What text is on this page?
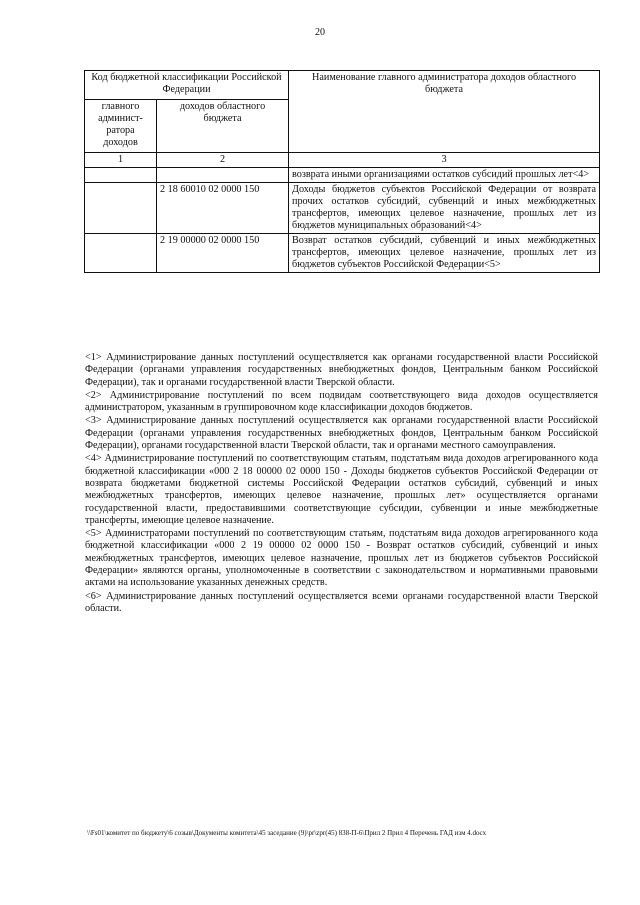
20
Код бюджетной классификации Российской Федерации		Наименование главного администратора доходов областного бюджета
главного админист-ратора доходов	доходов областного бюджета	
1	2	3
		возврата иными организациями остатков субсидий прошлых лет<4>
	2 18 60010 02 0000 150	Доходы бюджетов субъектов Российской Федерации от возврата прочих остатков субсидий, субвенций и иных межбюджетных трансфертов, имеющих целевое назначение, прошлых лет из бюджетов муниципальных образований<4>
	2 19 00000 02 0000 150	Возврат остатков субсидий, субвенций и иных межбюджетных трансфертов, имеющих целевое назначение, прошлых лет из бюджетов субъектов Российской Федерации<5>

<1> Администрирование данных поступлений осуществляется как органами государственной власти Российской Федерации (органами управления государственных внебюджетных фондов, Центральным банком Российской Федерации), так и органами государственной власти Тверской области.

<2> Администрирование поступлений по всем подвидам соответствующего вида доходов осуществляется администратором, указанным в группировочном коде классификации доходов бюджетов.

<3> Администрирование данных поступлений осуществляется как органами государственной власти Российской Федерации (органами управления государственных внебюджетных фондов, Центральным банком Российской Федерации), органами государственной власти Тверской области, так и органами местного самоуправления.

<4> Администрирование поступлений по соответствующим статьям, подстатьям вида доходов агрегированного кода бюджетной классификации «000 2 18 00000 02 0000 150 - Доходы бюджетов субъектов Российской Федерации от возврата бюджетами бюджетной системы Российской Федерации остатков субсидий, субвенций и иных межбюджетных трансфертов, имеющих целевое назначение, прошлых лет» осуществляется органами государственной власти, предоставившими соответствующие субсидии, субвенции и иные межбюджетные трансферты, имеющие целевое назначение.

<5> Администраторами поступлений по соответствующим статьям, подстатьям вида доходов агрегированного кода бюджетной классификации «000 2 19 00000 02 0000 150 - Возврат остатков субсидий, субвенций и иных межбюджетных трансфертов, имеющих целевое назначение, прошлых лет из бюджетов субъектов Российской Федерации» являются органы, уполномоченные в соответствии с законодательством и нормативными правовыми актами на использование указанных денежных средств.

<6> Администрирование данных поступлений осуществляется всеми органами государственной власти Тверской области.

\\Fs01\комитет по бюджету\6 созыв\Документы комитета\45 заседание (9)\pr\zpr(45) 838-П-6\Прил 2 Прил 4 Перечень ГАД изм 4.docx
